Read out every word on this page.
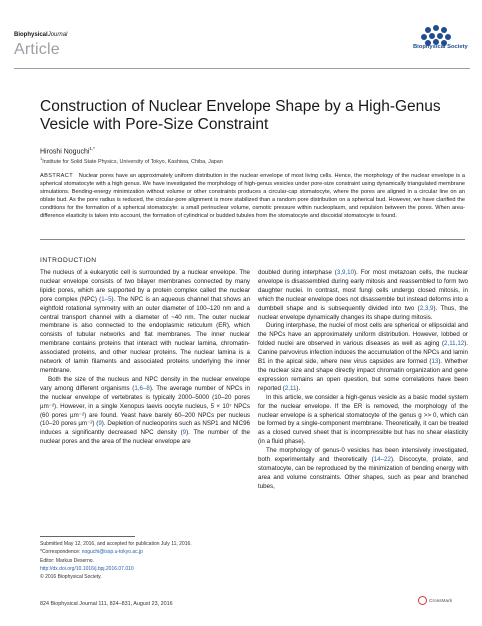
BiophysicalJournal
Article	Biophysical Society
Construction of Nuclear Envelope Shape by a High-Genus Vesicle with Pore-Size Constraint
Hiroshi Noguchi$^{1,*}$
$^1$Institute for Solid State Physics, University of Tokyo, Kashiwa, Chiba, Japan
ABSTRACT Nuclear pores have an approximately uniform distribution in the nuclear envelope of most living cells. Hence, the morphology of the nuclear envelope is a spherical stomatocyte with a high genus. We have investigated the morphology of high-genus vesicles under pore-size constraint using dynamically triangulated membrane simulations. Bending-energy minimization without volume or other constraints produces a circular-cap stomatocyte, where the pores are aligned in a circular line on an oblate bud. As the pore radius is reduced, the circular-pore alignment is more stabilized than a random pore distribution on a spherical bud. However, we have clarified the conditions for the formation of a spherical stomatocyte: a small perinuclear volume, osmotic pressure within nucleoplasm, and repulsion between the pores. When area-difference elasticity is taken into account, the formation of cylindrical or budded tubules from the stomatocyte and discoidal stomatocyte is found.
INTRODUCTION

The nucleus of a eukaryotic cell is surrounded by a nuclear envelope. The nuclear envelope consists of two bilayer membranes connected by many lipidic pores, which are supported by a protein complex called the nuclear pore complex (NPC) (1–5). The NPC is an aqueous channel that shows an eightfold rotational symmetry with an outer diameter of 100–120 nm and a central transport channel with a diameter of ~40 nm. The outer nuclear membrane is also connected to the endoplasmic reticulum (ER), which consists of tubular networks and flat membranes. The inner nuclear membrane contains proteins that interact with nuclear lamina, chromatin-associated proteins, and other nuclear proteins. The nuclear lamina is a network of lamin filaments and associated proteins underlying the inner membrane.

Both the size of the nucleus and NPC density in the nuclear envelope vary among different organisms (1,6–8). The average number of NPCs in the nuclear envelope of vertebrates is typically 2000–5000 (10–20 pores µm⁻²). However, in a single Xenopus laevis oocyte nucleus, 5 × 10⁷ NPCs (60 pores µm⁻²) are found. Yeast have barely 60–200 NPCs per nucleus (10–20 pores µm⁻²) (9). Depletion of nucleoporins such as NSP1 and NIC96 induces a significantly decreased NPC density (9). The number of the nuclear pores and the area of the nuclear envelope are

doubled during interphase (3,9,10). For most metazoan cells, the nuclear envelope is disassembled during early mitosis and reassembled to form two daughter nuclei. In contrast, most fungi cells undergo closed mitosis, in which the nuclear envelope does not disassemble but instead deforms into a dumbbell shape and is subsequently divided into two (2,3,9). Thus, the nuclear envelope dynamically changes its shape during mitosis.

During interphase, the nuclei of most cells are spherical or ellipsoidal and the NPCs have an approximately uniform distribution. However, lobbed or folded nuclei are observed in various diseases as well as aging (2,11,12). Canine parvovirus infection induces the accumulation of the NPCs and lamin B1 in the apical side, where new virus capsides are formed (13). Whether the nuclear size and shape directly impact chromatin organization and gene expression remains an open question, but some correlations have been reported (2,11).

In this article, we consider a high-genus vesicle as a basic model system for the nuclear envelope. If the ER is removed, the morphology of the nuclear envelope is a spherical stomatocyte of the genus g >> 0, which can be formed by a single-component membrane. Theoretically, it can be treated as a closed curved sheet that is incompressible but has no shear elasticity (in a fluid phase).

The morphology of genus-0 vesicles has been intensively investigated, both experimentally and theoretically (14–22). Discocyte, prolate, and stomatocyte, can be reproduced by the minimization of bending energy with area and volume constraints. Other shapes, such as pear and branched tubes,

Submitted May 12, 2016, and accepted for publication July 11, 2016.
*Correspondence: noguchi@issp.u-tokyo.ac.jp
Editor: Markus Deserno.
http://dx.doi.org/10.1016/j.bpj.2016.07.010
© 2016 Biophysical Society.
824 Biophysical Journal 111, 824–831, August 23, 2016	CrossMark
